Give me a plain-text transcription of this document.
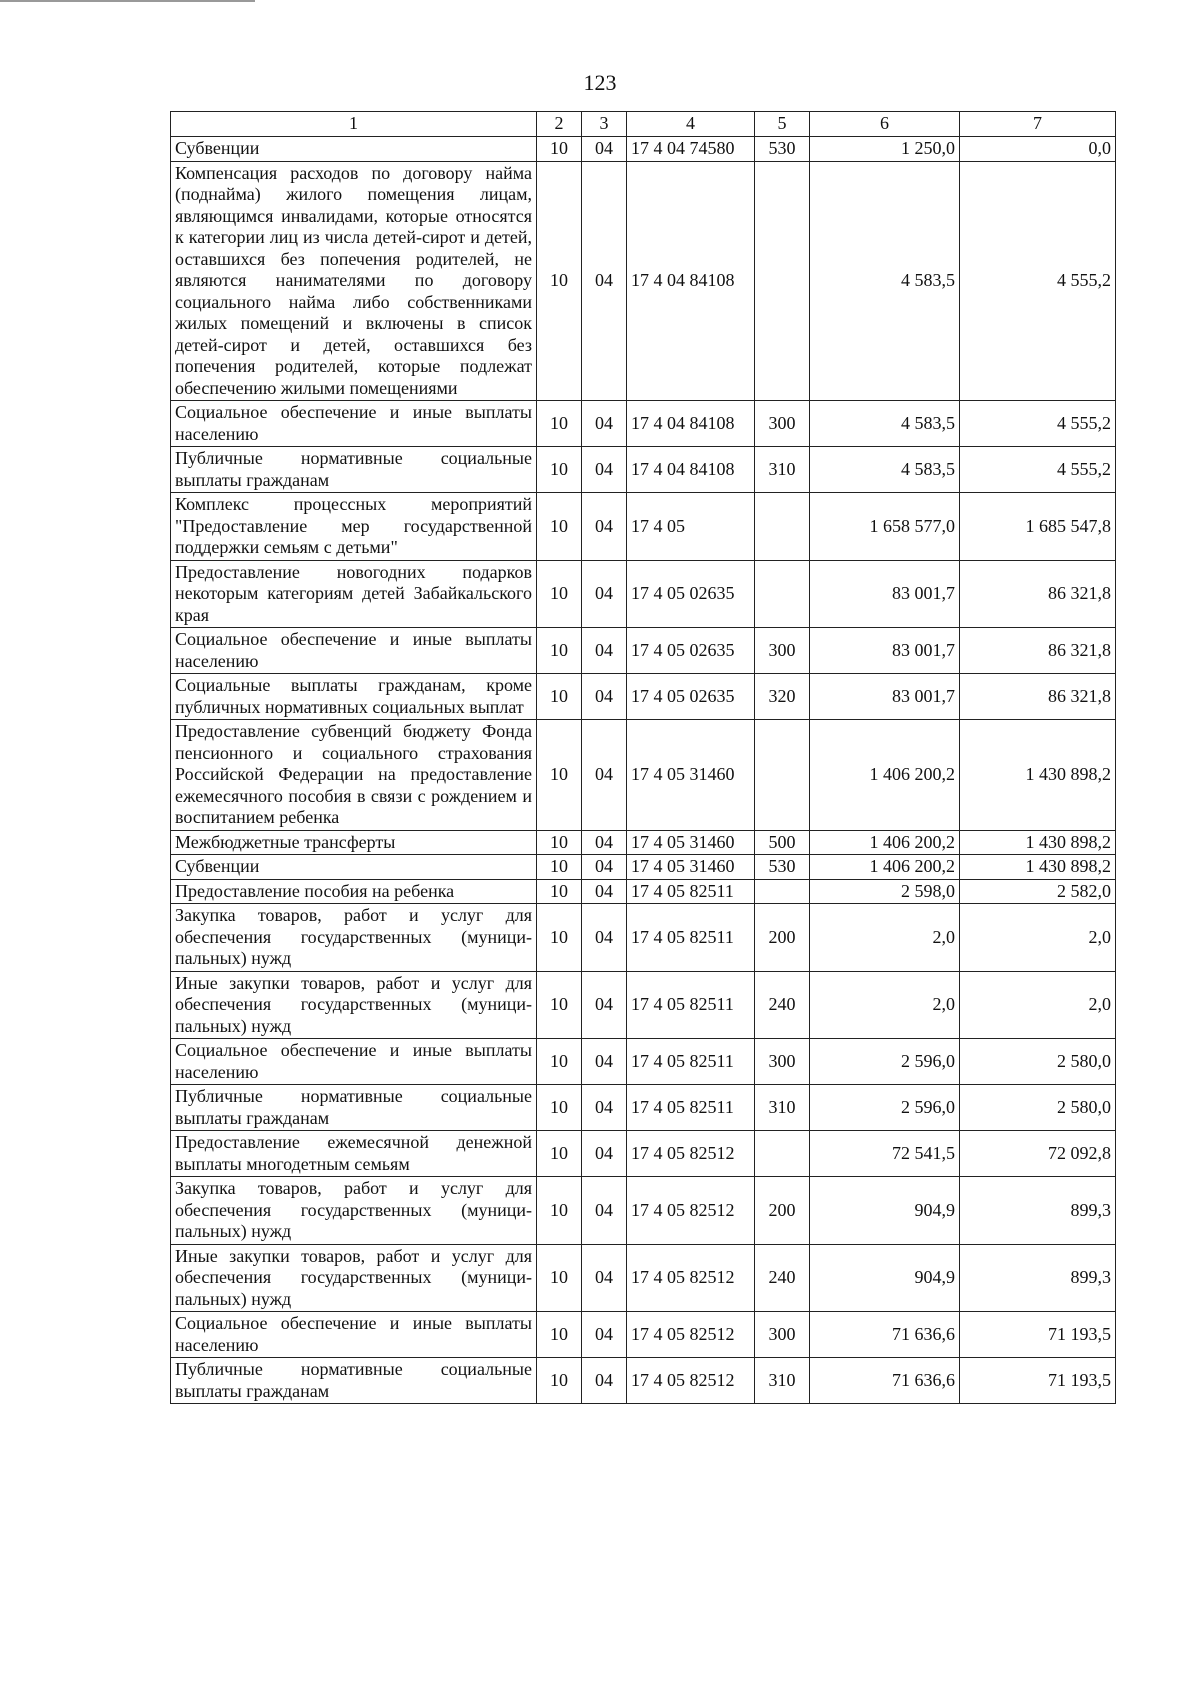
123
1	2	3	4	5	6	7
Субвенции	10	04	17 4 04 74580	530	1 250,0	0,0
Компенсация расходов по договору найма (поднайма) жилого помещения лицам, являющимся инвалидами, которые относятся к категории лиц из числа детей-сирот и детей, оставшихся без попечения родителей, не являются нанимателями по договору социального найма либо собственниками жилых помещений и включены в список детей-сирот и детей, оставшихся без попечения родителей, которые подлежат обеспечению жилыми помещениями	10	04	17 4 04 84108		4 583,5	4 555,2
Социальное обеспечение и иные выплаты населению	10	04	17 4 04 84108	300	4 583,5	4 555,2
Публичные нормативные социальные выплаты гражданам	10	04	17 4 04 84108	310	4 583,5	4 555,2
Комплекс процессных мероприятий "Предоставление мер государственной поддержки семьям с детьми"	10	04	17 4 05		1 658 577,0	1 685 547,8
Предоставление новогодних подарков некоторым категориям детей Забайкальского края	10	04	17 4 05 02635		83 001,7	86 321,8
Социальное обеспечение и иные выплаты населению	10	04	17 4 05 02635	300	83 001,7	86 321,8
Социальные выплаты гражданам, кроме публичных нормативных социальных выплат	10	04	17 4 05 02635	320	83 001,7	86 321,8
Предоставление субвенций бюджету Фонда пенсионного и социального страхования Российской Федерации на предоставление ежемесячного пособия в связи с рождением и воспитанием ребенка	10	04	17 4 05 31460		1 406 200,2	1 430 898,2
Межбюджетные трансферты	10	04	17 4 05 31460	500	1 406 200,2	1 430 898,2
Субвенции	10	04	17 4 05 31460	530	1 406 200,2	1 430 898,2
Предоставление пособия на ребенка	10	04	17 4 05 82511		2 598,0	2 582,0
Закупка товаров, работ и услуг для обеспечения государственных (муниципальных) нужд	10	04	17 4 05 82511	200	2,0	2,0
Иные закупки товаров, работ и услуг для обеспечения государственных (муниципальных) нужд	10	04	17 4 05 82511	240	2,0	2,0
Социальное обеспечение и иные выплаты населению	10	04	17 4 05 82511	300	2 596,0	2 580,0
Публичные нормативные социальные выплаты гражданам	10	04	17 4 05 82511	310	2 596,0	2 580,0
Предоставление ежемесячной денежной выплаты многодетным семьям	10	04	17 4 05 82512		72 541,5	72 092,8
Закупка товаров, работ и услуг для обеспечения государственных (муниципальных) нужд	10	04	17 4 05 82512	200	904,9	899,3
Иные закупки товаров, работ и услуг для обеспечения государственных (муниципальных) нужд	10	04	17 4 05 82512	240	904,9	899,3
Социальное обеспечение и иные выплаты населению	10	04	17 4 05 82512	300	71 636,6	71 193,5
Публичные нормативные социальные выплаты гражданам	10	04	17 4 05 82512	310	71 636,6	71 193,5
